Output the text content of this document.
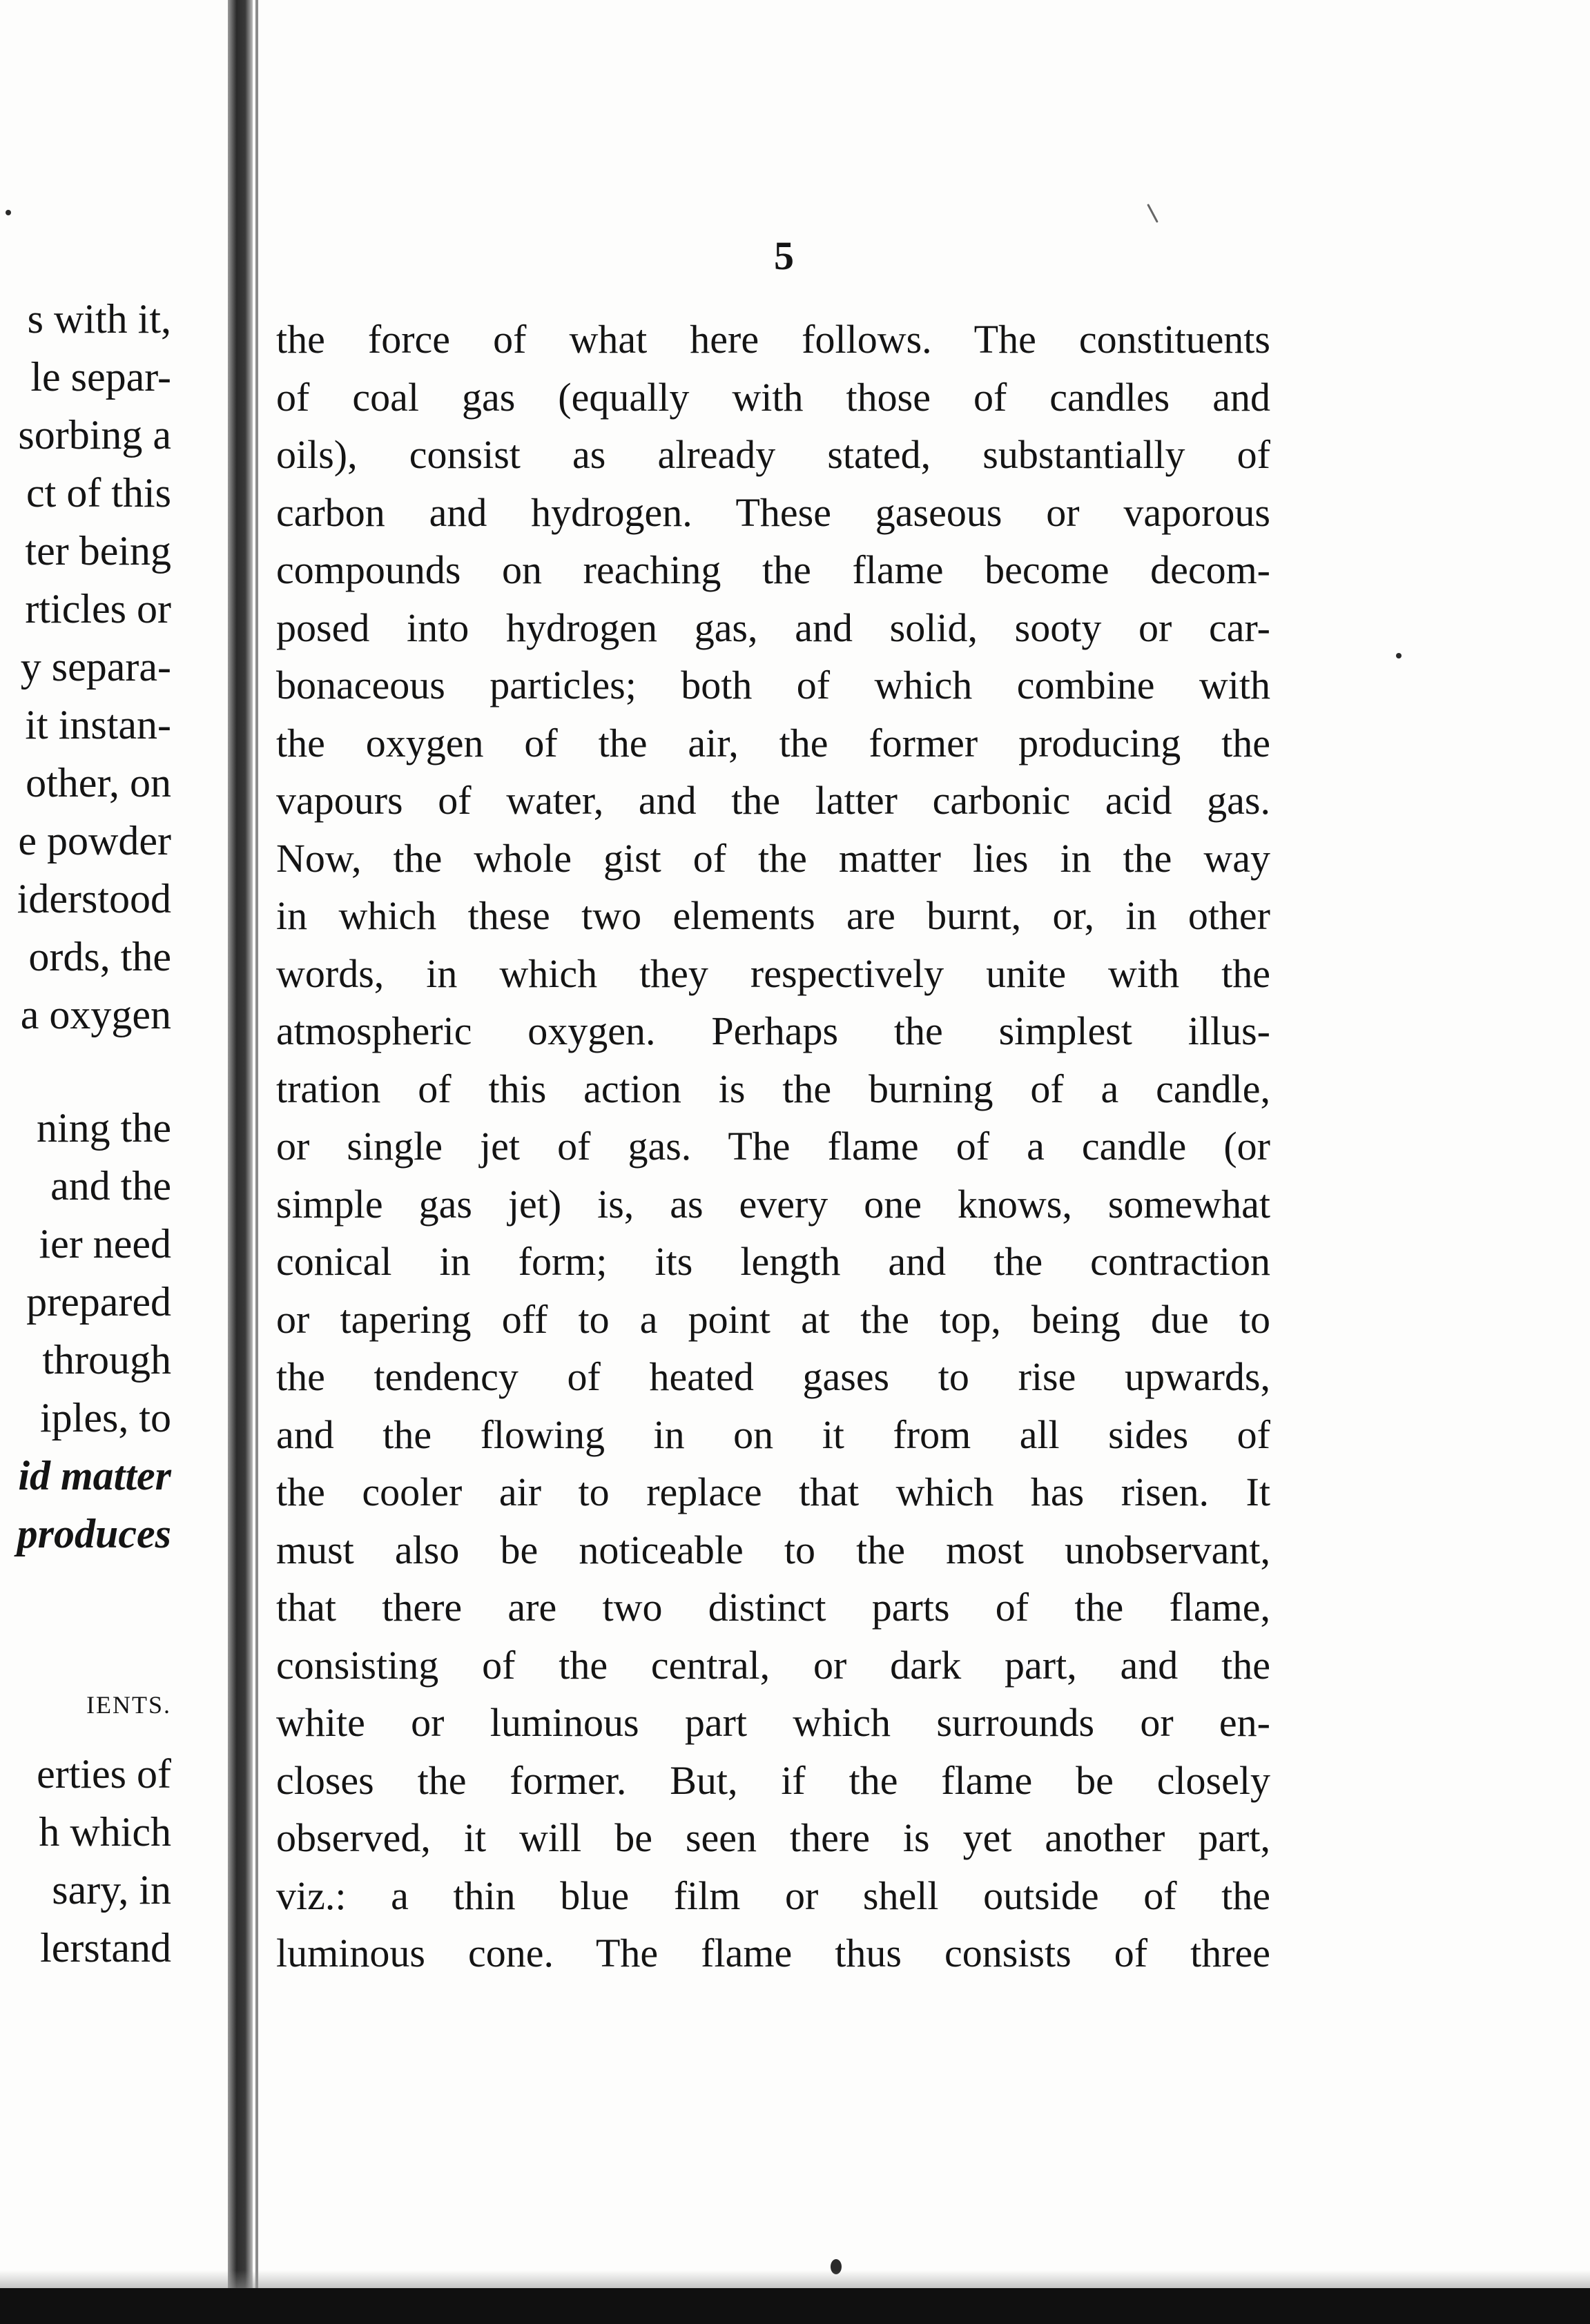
s with it,
le separ-
sorbing a
ct of this
ter being
rticles or
y separa-
it instan-
other, on
e powder
iderstood
ords, the
a oxygen
ning the
and the
ier need
prepared
through
iples, to
id matter
produces
IENTS.
erties of
h which
sary, in
lerstand
5
the force of what here follows. The constituents
of coal gas (equally with those of candles and
oils), consist as already stated, substantially of
carbon and hydrogen. These gaseous or vaporous
compounds on reaching the flame become decom-
posed into hydrogen gas, and solid, sooty or car-
bonaceous particles; both of which combine with
the oxygen of the air, the former producing the
vapours of water, and the latter carbonic acid gas.
Now, the whole gist of the matter lies in the way
in which these two elements are burnt, or, in other
words, in which they respectively unite with the
atmospheric oxygen. Perhaps the simplest illus-
tration of this action is the burning of a candle,
or single jet of gas. The flame of a candle (or
simple gas jet) is, as every one knows, somewhat
conical in form; its length and the contraction
or tapering off to a point at the top, being due to
the tendency of heated gases to rise upwards,
and the flowing in on it from all sides of
the cooler air to replace that which has risen. It
must also be noticeable to the most unobservant,
that there are two distinct parts of the flame,
consisting of the central, or dark part, and the
white or luminous part which surrounds or en-
closes the former. But, if the flame be closely
observed, it will be seen there is yet another part,
viz.: a thin blue film or shell outside of the
luminous cone. The flame thus consists of three
